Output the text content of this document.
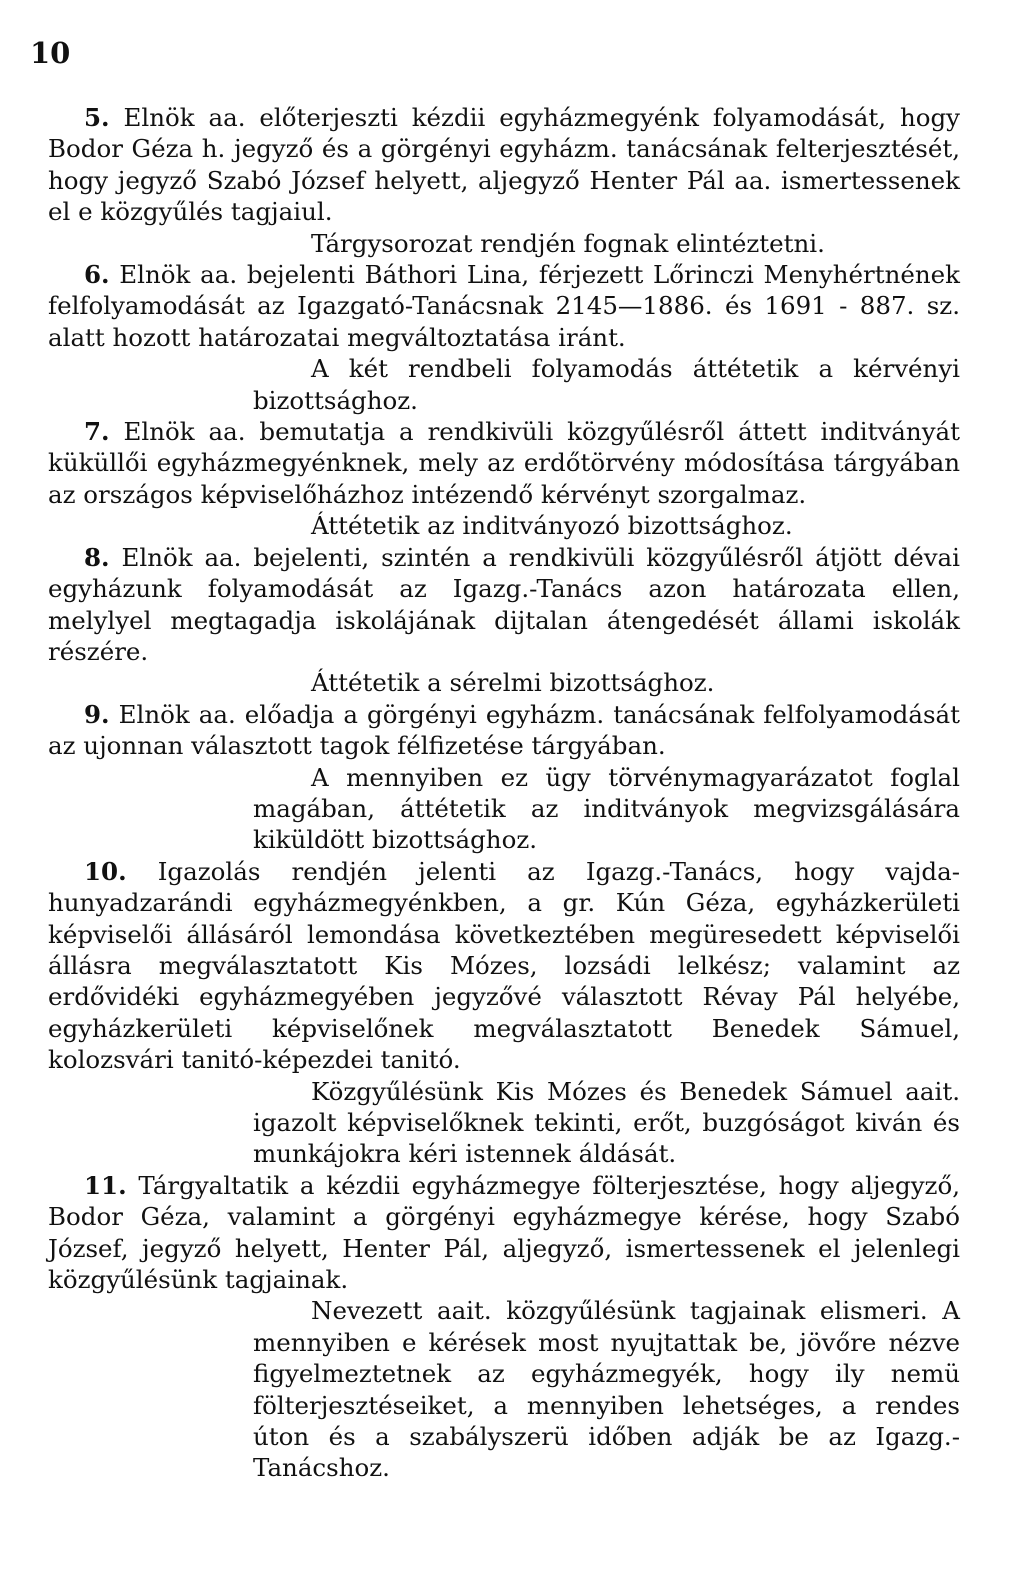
10

5. Elnök aa. előterjeszti kézdii egyházmegyénk folyamodását, hogy Bodor Géza h. jegyző és a görgényi egyházm. tanácsának felterjesztését, hogy jegyző Szabó József helyett, aljegyző Henter Pál aa. ismertessenek el e közgyűlés tagjaiul.

Tárgysorozat rendjén fognak elintéztetni.

6. Elnök aa. bejelenti Báthori Lina, férjezett Lőrinczi Menyhértnének felfolyamodását az Igazgató-Tanácsnak 2145—1886. és 1691 - 887. sz. alatt hozott határozatai megváltoztatása iránt.

A két rendbeli folyamodás áttétetik a kérvényi bizottsághoz.

7. Elnök aa. bemutatja a rendkivüli közgyűlésről áttett inditványát küküllői egyházmegyénknek, mely az erdőtörvény módosítása tárgyában az országos képviselőházhoz intézendő kérvényt szorgalmaz.

Áttétetik az inditványozó bizottsághoz.

8. Elnök aa. bejelenti, szintén a rendkivüli közgyűlésről átjött dévai egyházunk folyamodását az Igazg.-Tanács azon határozata ellen, melylyel megtagadja iskolájának dijtalan átengedését állami iskolák részére.

Áttétetik a sérelmi bizottsághoz.

9. Elnök aa. előadja a görgényi egyházm. tanácsának felfolyamodását az ujonnan választott tagok félfizetése tárgyában.

A mennyiben ez ügy törvénymagyarázatot foglal magában, áttétetik az inditványok megvizsgálására kiküldött bizottsághoz.

10. Igazolás rendjén jelenti az Igazg.-Tanács, hogy vajda-hunyadzarándi egyházmegyénkben, a gr. Kún Géza, egyházkerületi képviselői állásáról lemondása következtében megüresedett képviselői állásra megválasztatott Kis Mózes, lozsádi lelkész; valamint az erdővidéki egyházmegyében jegyzővé választott Révay Pál helyébe, egyházkerületi képviselőnek megválasztatott Benedek Sámuel, kolozsvári tanitó-képezdei tanitó.

Közgyűlésünk Kis Mózes és Benedek Sámuel aait. igazolt képviselőknek tekinti, erőt, buzgóságot kiván és munkájokra kéri istennek áldását.

11. Tárgyaltatik a kézdii egyházmegye fölterjesztése, hogy aljegyző, Bodor Géza, valamint a görgényi egyházmegye kérése, hogy Szabó József, jegyző helyett, Henter Pál, aljegyző, ismertessenek el jelenlegi közgyűlésünk tagjainak.

Nevezett aait. közgyűlésünk tagjainak elismeri. A mennyiben e kérések most nyujtattak be, jövőre nézve figyelmeztetnek az egyházmegyék, hogy ily nemü fölterjesztéseiket, a mennyiben lehetséges, a rendes úton és a szabályszerü időben adják be az Igazg.-Tanácshoz.
